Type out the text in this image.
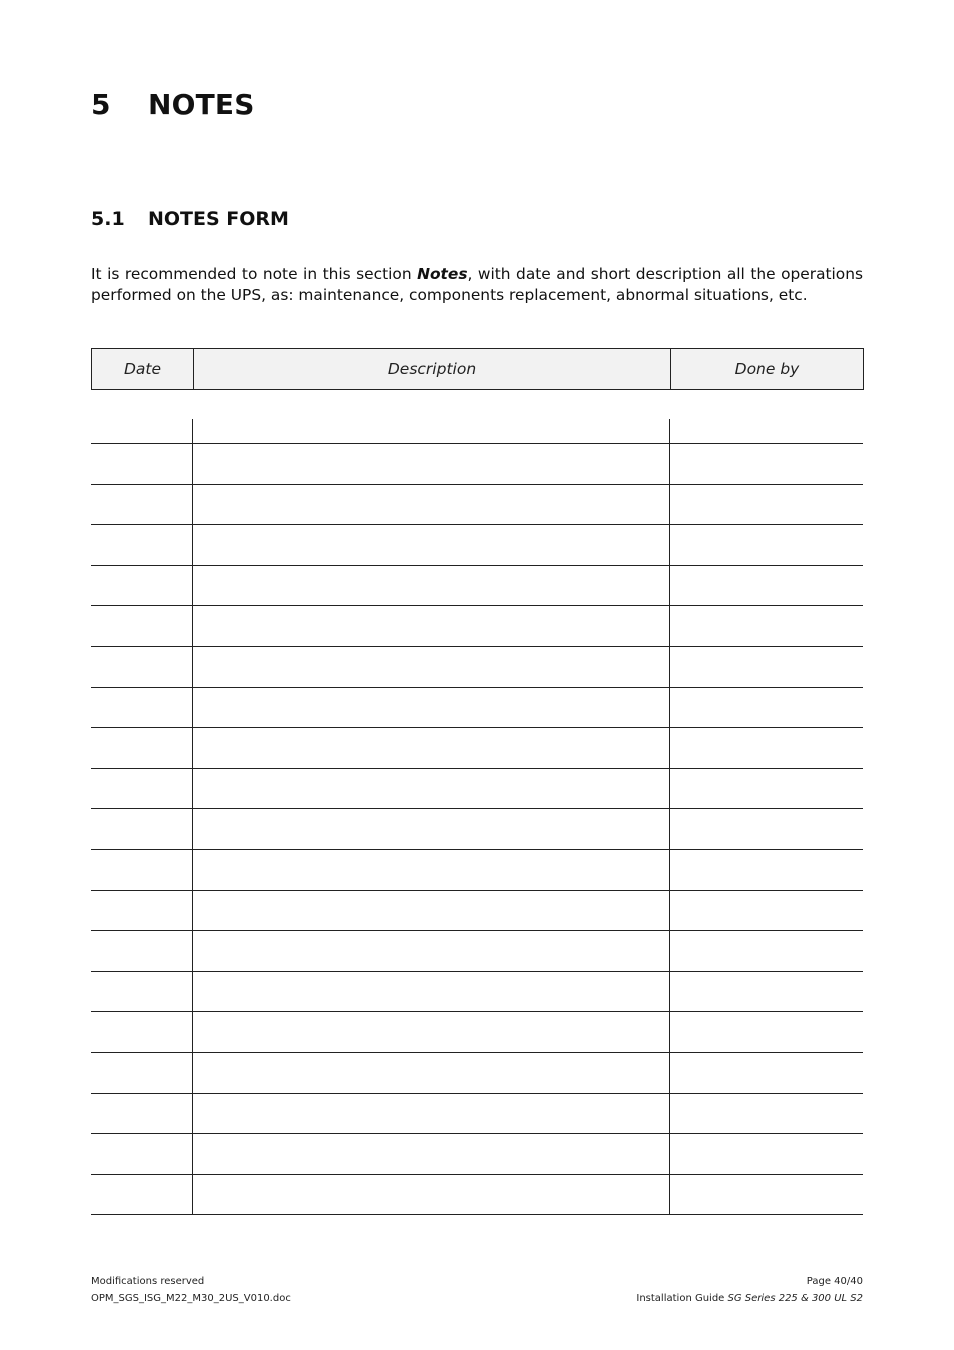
5	NOTES
5.1	NOTES FORM

It is recommended to note in this section Notes, with date and short description all the operations performed on the UPS, as: maintenance, components replacement, abnormal situations, etc.

Date	Description	Done by
Modifications reserved
OPM_SGS_ISG_M22_M30_2US_V010.doc
Page 40/40
Installation Guide SG Series 225 & 300 UL S2
